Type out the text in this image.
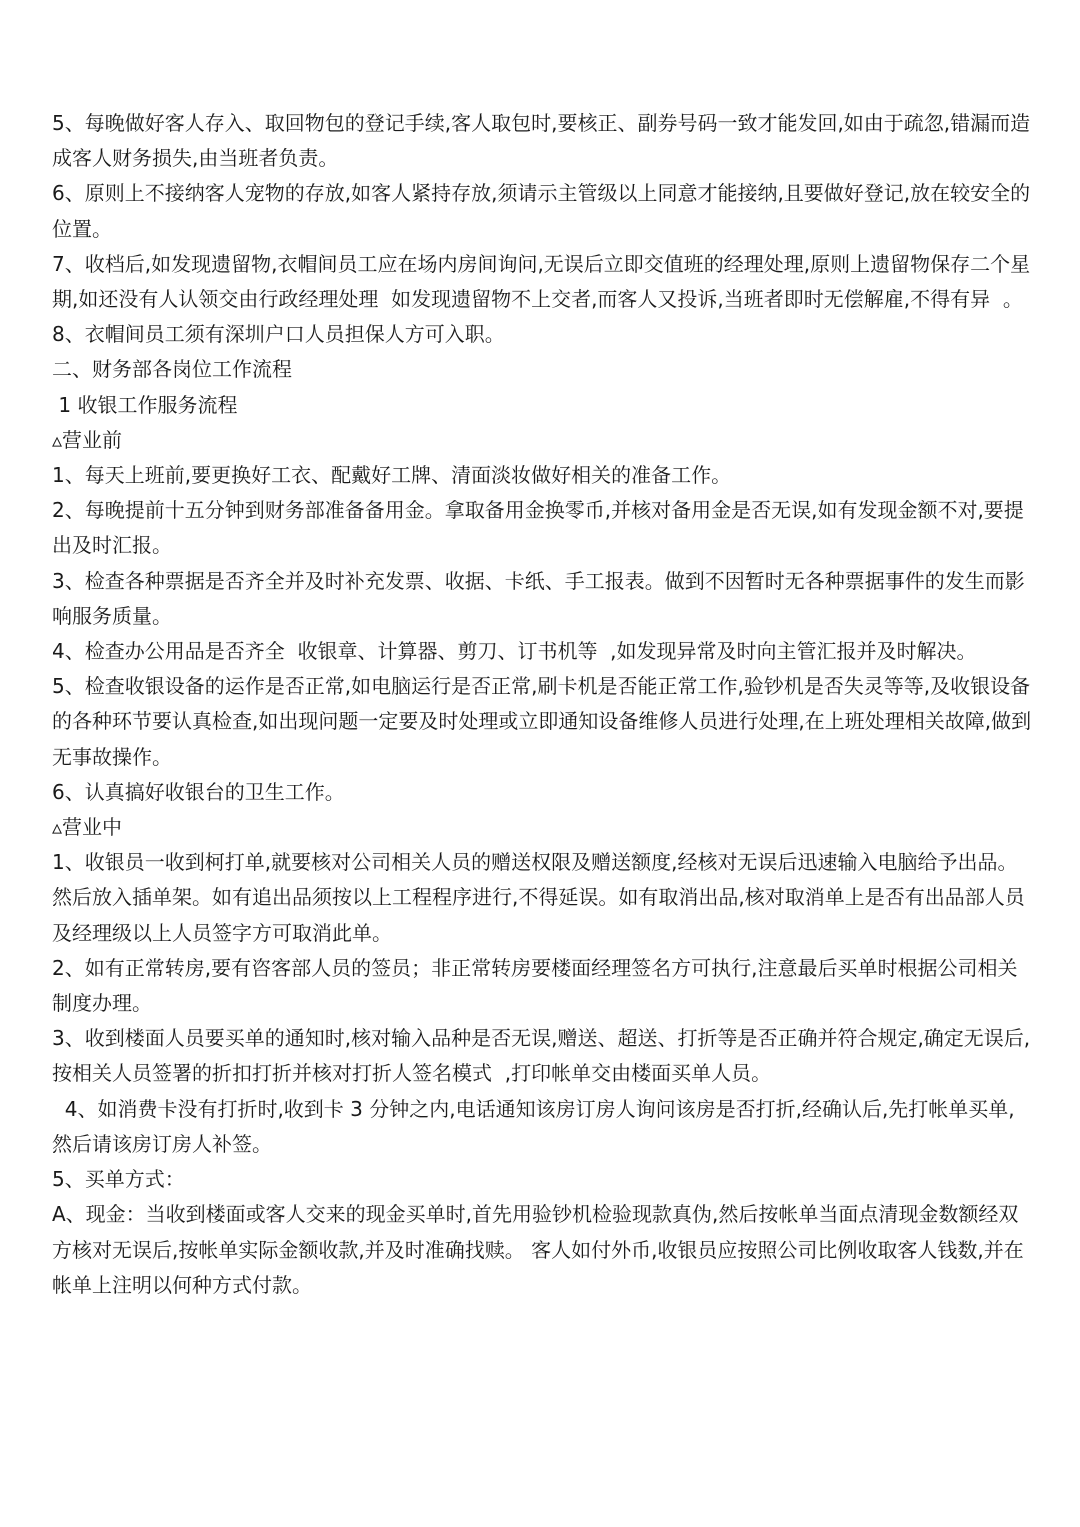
5、每晚做好客人存入、取回物包的登记手续,客人取包时,要核正、副券号码一致才能发回,如由于疏忽,错漏而造成客人财务损失,由当班者负责。

6、原则上不接纳客人宠物的存放,如客人紧持存放,须请示主管级以上同意才能接纳,且要做好登记,放在较安全的位置。

7、收档后,如发现遗留物,衣帽间员工应在场内房间询问,无误后立即交值班的经理处理,原则上遗留物保存二个星期,如还没有人认领交由行政经理处理  如发现遗留物不上交者,而客人又投诉,当班者即时无偿解雇,不得有异  。

8、衣帽间员工须有深圳户口人员担保人方可入职。

二、财务部各岗位工作流程

1 收银工作服务流程

▵营业前

1、每天上班前,要更换好工衣、配戴好工牌、清面淡妆做好相关的准备工作。

2、每晚提前十五分钟到财务部准备备用金。拿取备用金换零币,并核对备用金是否无误,如有发现金额不对,要提出及时汇报。

3、检查各种票据是否齐全并及时补充发票、收据、卡纸、手工报表。做到不因暂时无各种票据事件的发生而影响服务质量。

4、检查办公用品是否齐全  收银章、计算器、剪刀、订书机等  ,如发现异常及时向主管汇报并及时解决。

5、检查收银设备的运作是否正常,如电脑运行是否正常,刷卡机是否能正常工作,验钞机是否失灵等等,及收银设备的各种环节要认真检查,如出现问题一定要及时处理或立即通知设备维修人员进行处理,在上班处理相关故障,做到无事故操作。

6、认真搞好收银台的卫生工作。

▵营业中

1、收银员一收到柯打单,就要核对公司相关人员的赠送权限及赠送额度,经核对无误后迅速输入电脑给予出品。然后放入插单架。如有追出品须按以上工程程序进行,不得延误。如有取消出品,核对取消单上是否有出品部人员及经理级以上人员签字方可取消此单。

2、如有正常转房,要有咨客部人员的签员；非正常转房要楼面经理签名方可执行,注意最后买单时根据公司相关制度办理。

3、收到楼面人员要买单的通知时,核对输入品种是否无误,赠送、超送、打折等是否正确并符合规定,确定无误后,  按相关人员签署的折扣打折并核对打折人签名模式  ,打印帐单交由楼面买单人员。

4、如消费卡没有打折时,收到卡 3 分钟之内,电话通知该房订房人询问该房是否打折,经确认后,先打帐单买单,然后请该房订房人补签。

5、买单方式：

A、现金：当收到楼面或客人交来的现金买单时,首先用验钞机检验现款真伪,然后按帐单当面点清现金数额经双方核对无误后,按帐单实际金额收款,并及时准确找赎。 客人如付外币,收银员应按照公司比例收取客人钱数,并在帐单上注明以何种方式付款。
